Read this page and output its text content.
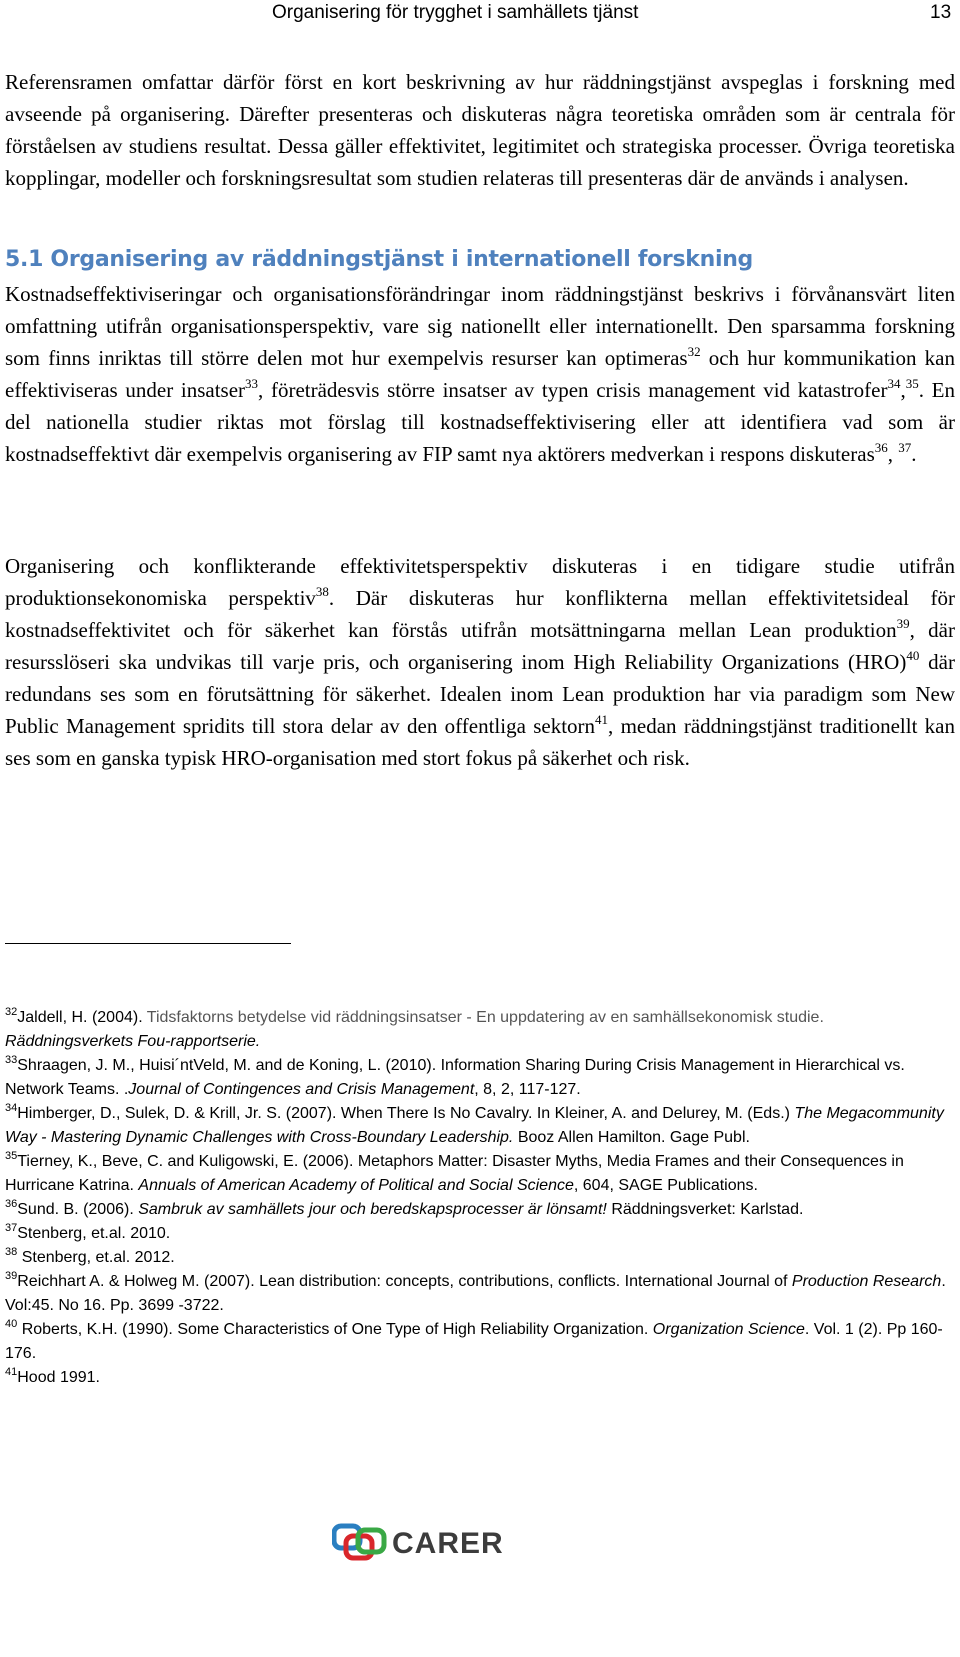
Organisering för trygghet i samhällets tjänst	13

Referensramen omfattar därför först en kort beskrivning av hur räddningstjänst avspeglas i forskning med avseende på organisering. Därefter presenteras och diskuteras några teoretiska områden som är centrala för förståelsen av studiens resultat. Dessa gäller effektivitet, legitimitet och strategiska processer. Övriga teoretiska kopplingar, modeller och forskningsresultat som studien relateras till presenteras där de används i analysen.

5.1 Organisering av räddningstjänst i internationell forskning

Kostnadseffektiviseringar och organisationsförändringar inom räddningstjänst beskrivs i förvånansvärt liten omfattning utifrån organisationsperspektiv, vare sig nationellt eller internationellt. Den sparsamma forskning som finns inriktas till större delen mot hur exempelvis resurser kan optimeras$^{32}$ och hur kommunikation kan effektiviseras under insatser$^{33}$, företrädesvis större insatser av typen crisis management vid katastrofer$^{34}$,$^{35}$. En del nationella studier riktas mot förslag till kostnadseffektivisering eller att identifiera vad som är kostnadseffektivt där exempelvis organisering av FIP samt nya aktörers medverkan i respons diskuteras$^{36}$, $^{37}$.

Organisering och konflikterande effektivitetsperspektiv diskuteras i en tidigare studie utifrån produktionsekonomiska perspektiv$^{38}$. Där diskuteras hur konflikterna mellan effektivitetsideal för kostnadseffektivitet och för säkerhet kan förstås utifrån motsättningarna mellan Lean produktion$^{39}$, där resursslöseri ska undvikas till varje pris, och organisering inom High Reliability Organizations (HRO)$^{40}$ där redundans ses som en förutsättning för säkerhet. Idealen inom Lean produktion har via paradigm som New Public Management spridits till stora delar av den offentliga sektorn$^{41}$, medan räddningstjänst traditionellt kan ses som en ganska typisk HRO-organisation med stort fokus på säkerhet och risk.

$^{32}$Jaldell, H. (2004). Tidsfaktorns betydelse vid räddningsinsatser - En uppdatering av en samhällsekonomisk studie. Räddningsverkets Fou-rapportserie.

$^{33}$Shraagen, J. M., Huisi´ntVeld, M. and de Koning, L. (2010). Information Sharing During Crisis Management in Hierarchical vs. Network Teams. .Journal of Contingences and Crisis Management, 8, 2, 117-127.

$^{34}$Himberger, D., Sulek, D. & Krill, Jr. S. (2007). When There Is No Cavalry. In Kleiner, A. and Delurey, M. (Eds.) The Megacommunity Way - Mastering Dynamic Challenges with Cross-Boundary Leadership. Booz Allen Hamilton. Gage Publ.

$^{35}$Tierney, K., Beve, C. and Kuligowski, E. (2006). Metaphors Matter: Disaster Myths, Media Frames and their Consequences in Hurricane Katrina. Annuals of American Academy of Political and Social Science, 604, SAGE Publications.

$^{36}$Sund. B. (2006). Sambruk av samhällets jour och beredskapsprocesser är lönsamt! Räddningsverket: Karlstad.

$^{37}$Stenberg, et.al. 2010.

$^{38}$ Stenberg, et.al. 2012.

$^{39}$Reichhart A. & Holweg M. (2007). Lean distribution: concepts, contributions, conflicts. International Journal of Production Research. Vol:45. No 16. Pp. 3699 -3722.

$^{40}$ Roberts, K.H. (1990). Some Characteristics of One Type of High Reliability Organization. Organization Science. Vol. 1 (2). Pp 160-176.

$^{41}$Hood 1991.

CARER
